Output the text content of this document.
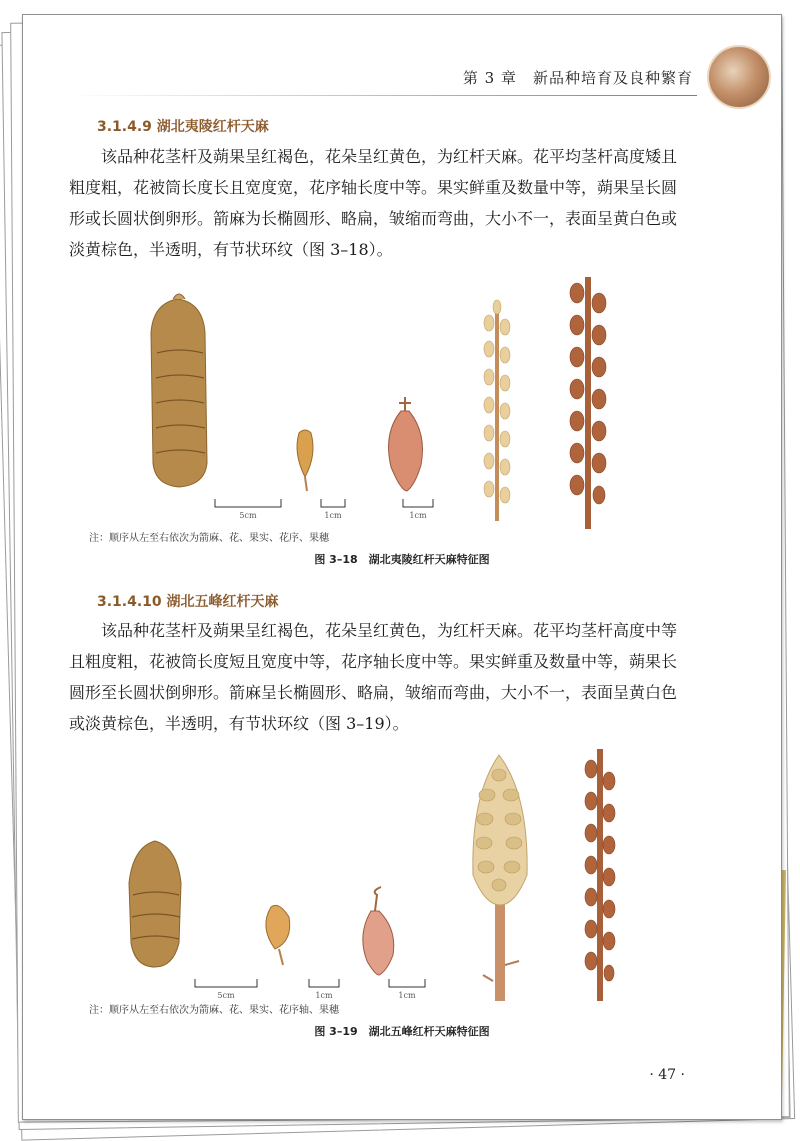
第 3 章　新品种培育及良种繁育
3.1.4.9 湖北夷陵红杆天麻
　　该品种花茎杆及蒴果呈红褐色，花朵呈红黄色，为红杆天麻。花平均茎杆高度矮且
粗度粗，花被筒长度长且宽度宽，花序轴长度中等。果实鲜重及数量中等，蒴果呈长圆
形或长圆状倒卵形。箭麻为长椭圆形、略扁，皱缩而弯曲，大小不一，表面呈黄白色或
淡黄棕色，半透明，有节状环纹（图 3–18）。
5cm	1cm	1cm
注：顺序从左至右依次为箭麻、花、果实、花序、果穗
图 3–18　湖北夷陵红杆天麻特征图
3.1.4.10 湖北五峰红杆天麻
　　该品种花茎杆及蒴果呈红褐色，花朵呈红黄色，为红杆天麻。花平均茎杆高度中等
且粗度粗，花被筒长度短且宽度中等，花序轴长度中等。果实鲜重及数量中等，蒴果长
圆形至长圆状倒卵形。箭麻呈长椭圆形、略扁，皱缩而弯曲，大小不一，表面呈黄白色
或淡黄棕色，半透明，有节状环纹（图 3–19）。
5cm	1cm	1cm
注：顺序从左至右依次为箭麻、花、果实、花序轴、果穗
图 3–19　湖北五峰红杆天麻特征图
· 47 ·
